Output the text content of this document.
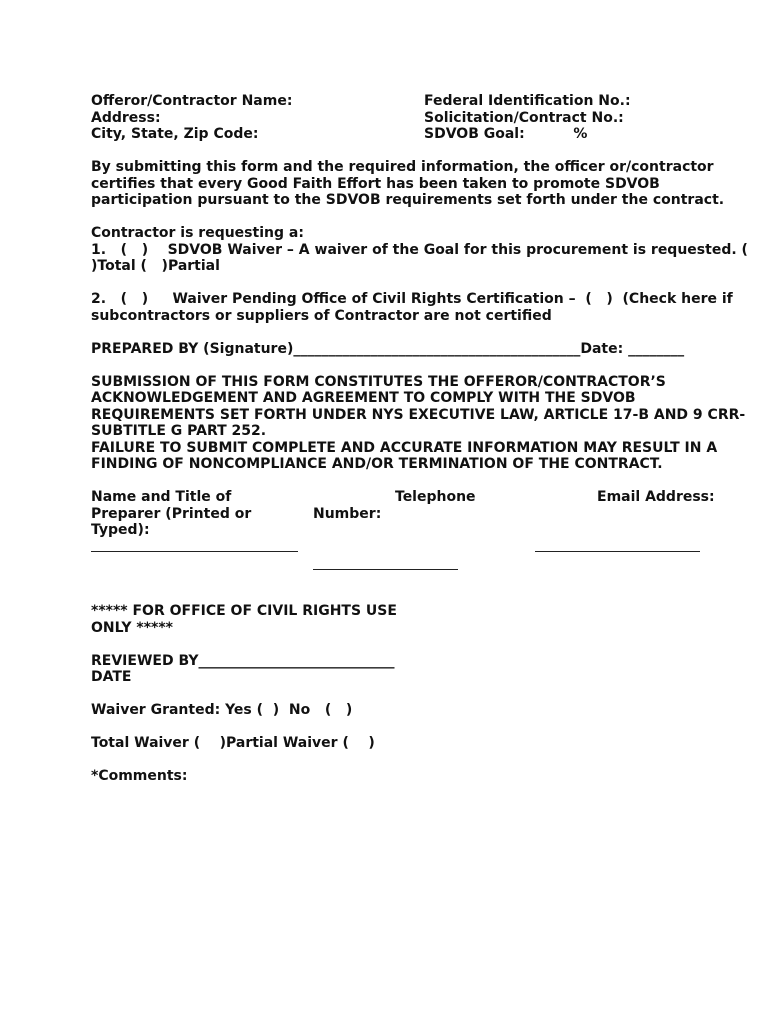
Offeror/Contractor Name:
Address:
City, State, Zip Code:
Federal Identification No.:
Solicitation/Contract No.:
SDVOB Goal:          %

By submitting this form and the required information, the officer or/contractor certifies that every Good Faith Effort has been taken to promote SDVOB participation pursuant to the SDVOB requirements set forth under the contract.

Contractor is requesting a:
1.   (   )    SDVOB Waiver – A waiver of the Goal for this procurement is requested. (
)Total (   )Partial
2.   (   )     Waiver Pending Office of Civil Rights Certification –  (   )  (Check here if
subcontractors or suppliers of Contractor are not certified
PREPARED BY (Signature)_________________________________________Date: ________
SUBMISSION OF THIS FORM CONSTITUTES THE OFFEROR/CONTRACTOR’S
ACKNOWLEDGEMENT AND AGREEMENT TO COMPLY WITH THE SDVOB
REQUIREMENTS SET FORTH UNDER NYS EXECUTIVE LAW, ARTICLE 17-B AND 9 CRR-
SUBTITLE G PART 252.
FAILURE TO SUBMIT COMPLETE AND ACCURATE INFORMATION MAY RESULT IN A
FINDING OF NONCOMPLIANCE AND/OR TERMINATION OF THE CONTRACT.
Name and Title of
Preparer (Printed or
Typed):
Telephone
Number:
Email Address:
***** FOR OFFICE OF CIVIL RIGHTS USE
ONLY *****
REVIEWED BY____________________________
DATE
Waiver Granted: Yes (  )  No   (   )
Total Waiver (    )Partial Waiver (    )
*Comments:
